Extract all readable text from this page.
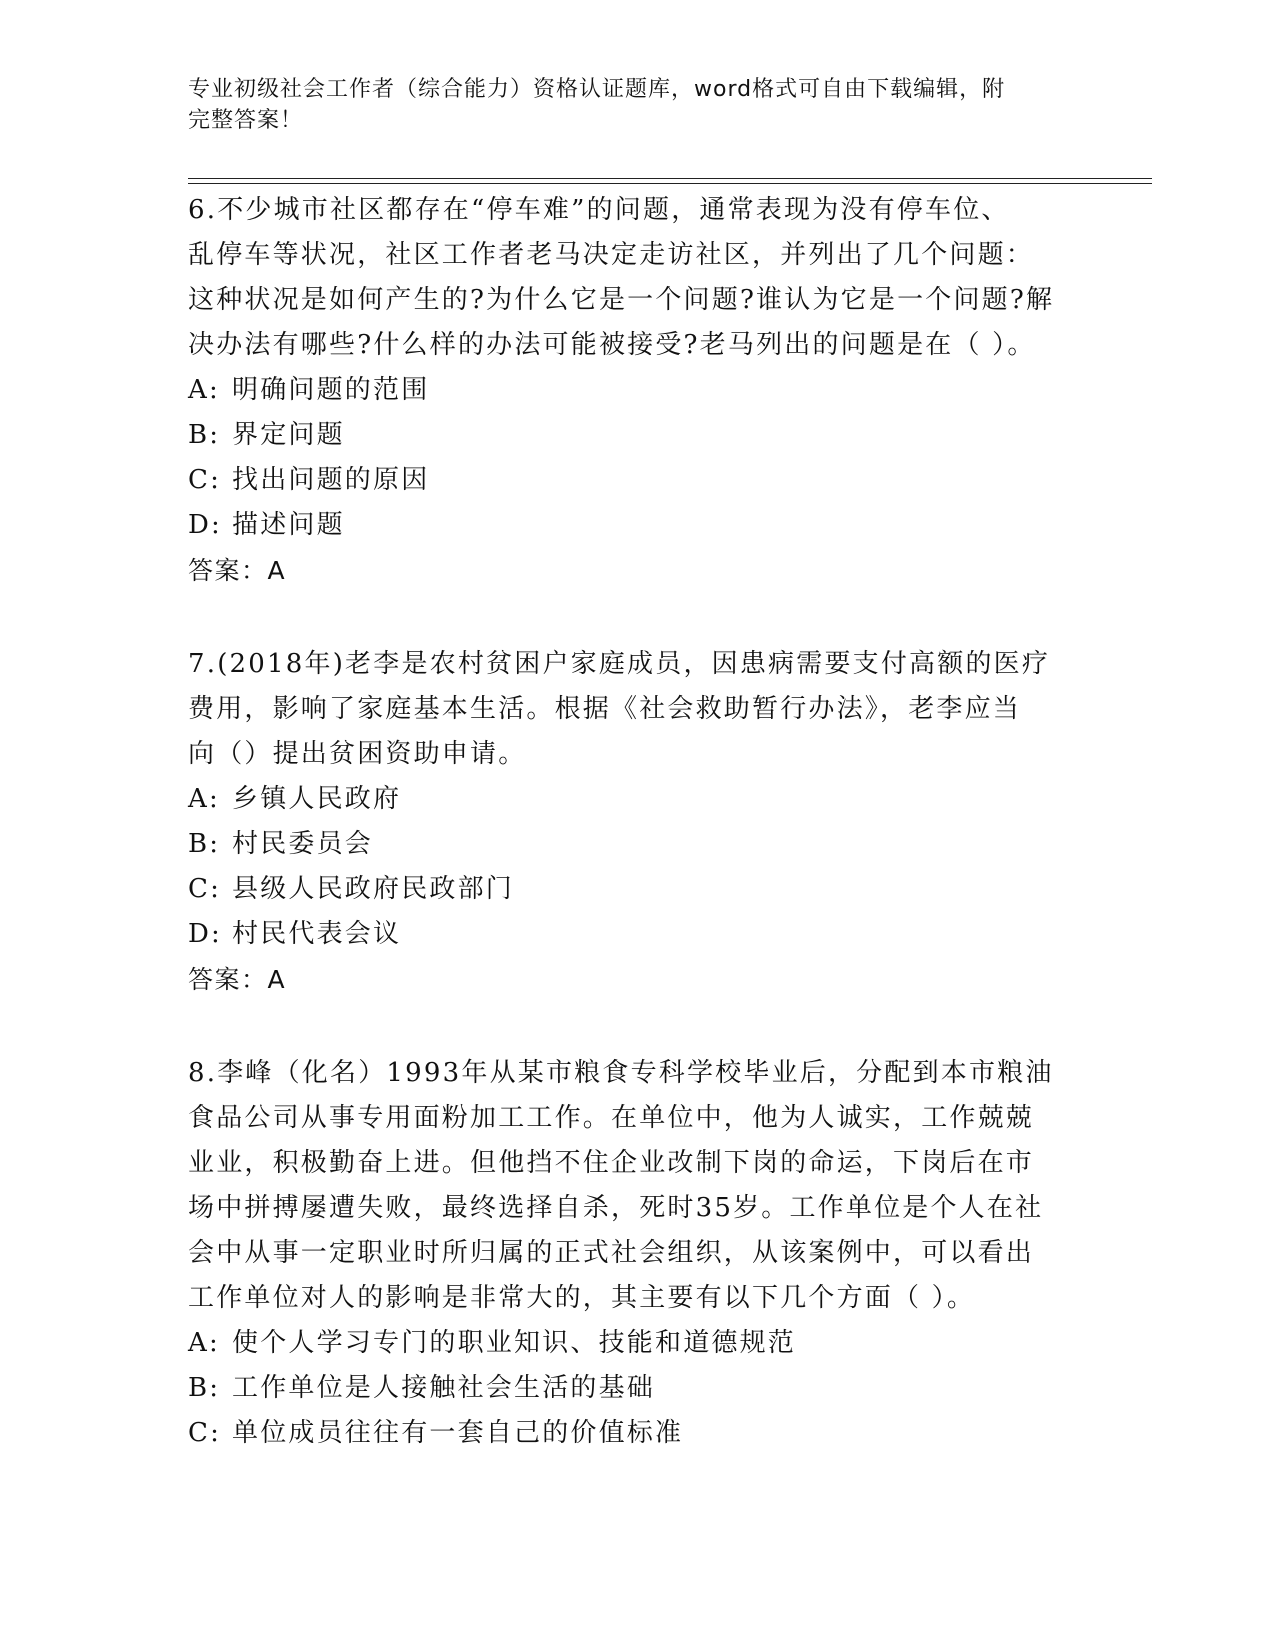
专业初级社会工作者（综合能力）资格认证题库，word格式可自由下载编辑，附
完整答案！

6.不少城市社区都存在“停车难”的问题，通常表现为没有停车位、
乱停车等状况，社区工作者老马决定走访社区，并列出了几个问题：
这种状况是如何产生的?为什么它是一个问题?谁认为它是一个问题?解
决办法有哪些?什么样的办法可能被接受?老马列出的问题是在（ ）。

A: 明确问题的范围

B: 界定问题

C: 找出问题的原因

D: 描述问题

答案：A

7.(2018年)老李是农村贫困户家庭成员，因患病需要支付高额的医疗
费用，影响了家庭基本生活。根据《社会救助暂行办法》，老李应当
向（）提出贫困资助申请。

A: 乡镇人民政府

B: 村民委员会

C: 县级人民政府民政部门

D: 村民代表会议

答案：A

8.李峰（化名）1993年从某市粮食专科学校毕业后，分配到本市粮油
食品公司从事专用面粉加工工作。在单位中，他为人诚实，工作兢兢
业业，积极勤奋上进。但他挡不住企业改制下岗的命运，下岗后在市
场中拼搏屡遭失败，最终选择自杀，死时35岁。工作单位是个人在社
会中从事一定职业时所归属的正式社会组织，从该案例中，可以看出
工作单位对人的影响是非常大的，其主要有以下几个方面（ ）。

A: 使个人学习专门的职业知识、技能和道德规范

B: 工作单位是人接触社会生活的基础

C: 单位成员往往有一套自己的价值标准
